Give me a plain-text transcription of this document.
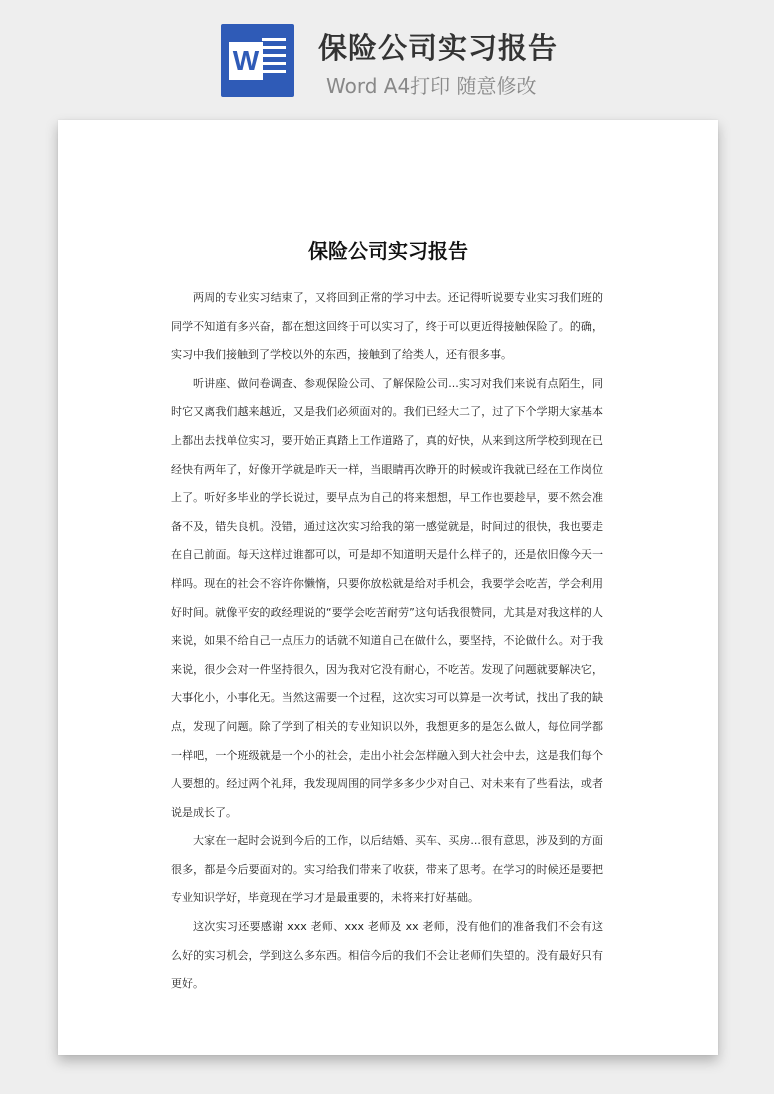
W 保险公司实习报告
Word A4打印 随意修改
保险公司实习报告

两周的专业实习结束了，又将回到正常的学习中去。还记得听说要专业实习我们班的同学不知道有多兴奋，都在想这回终于可以实习了，终于可以更近得接触保险了。的确，实习中我们接触到了学校以外的东西，接触到了给类人，还有很多事。

听讲座、做问卷调查、参观保险公司、了解保险公司...实习对我们来说有点陌生，同时它又离我们越来越近，又是我们必须面对的。我们已经大二了，过了下个学期大家基本上都出去找单位实习，要开始正真踏上工作道路了，真的好快，从来到这所学校到现在已经快有两年了，好像开学就是昨天一样，当眼睛再次睁开的时候或许我就已经在工作岗位上了。听好多毕业的学长说过，要早点为自己的将来想想，早工作也要趁早，要不然会准备不及，错失良机。没错，通过这次实习给我的第一感觉就是，时间过的很快，我也要走在自己前面。每天这样过谁都可以，可是却不知道明天是什么样子的，还是依旧像今天一样吗。现在的社会不容许你懒惰，只要你放松就是给对手机会，我要学会吃苦，学会利用好时间。就像平安的政经理说的“要学会吃苦耐劳”这句话我很赞同，尤其是对我这样的人来说，如果不给自己一点压力的话就不知道自己在做什么，要坚持，不论做什么。对于我来说，很少会对一件坚持很久，因为我对它没有耐心，不吃苦。发现了问题就要解决它，大事化小，小事化无。当然这需要一个过程，这次实习可以算是一次考试，找出了我的缺点，发现了问题。除了学到了相关的专业知识以外，我想更多的是怎么做人，每位同学都一样吧，一个班级就是一个小的社会，走出小社会怎样融入到大社会中去，这是我们每个人要想的。经过两个礼拜，我发现周围的同学多多少少对自己、对未来有了些看法，或者说是成长了。

大家在一起时会说到今后的工作，以后结婚、买车、买房...很有意思，涉及到的方面很多，都是今后要面对的。实习给我们带来了收获，带来了思考。在学习的时候还是要把专业知识学好，毕竟现在学习才是最重要的，未将来打好基础。

这次实习还要感谢 xxx 老师、xxx 老师及 xx 老师，没有他们的准备我们不会有这么好的实习机会，学到这么多东西。相信今后的我们不会让老师们失望的。没有最好只有更好。
